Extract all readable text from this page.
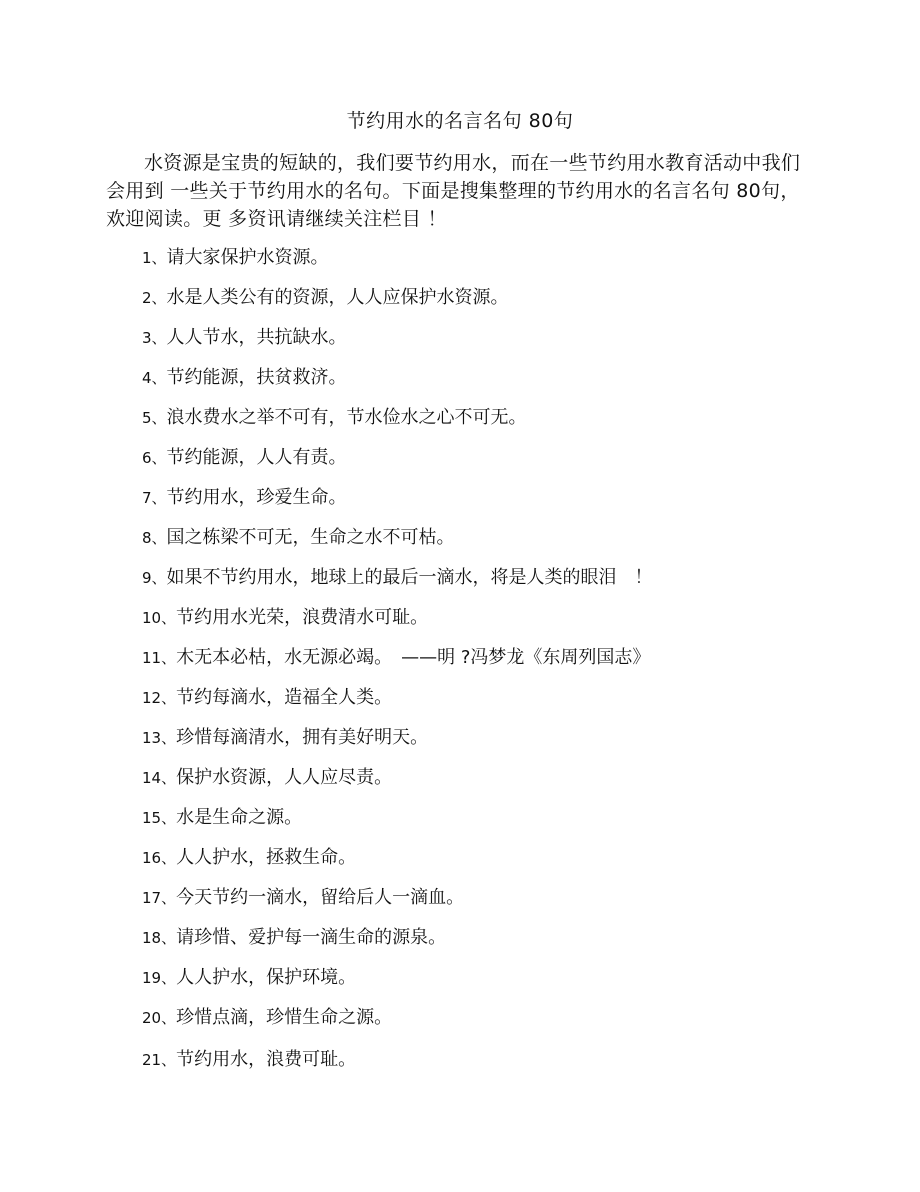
节约用水的名言名句 80句
水资源是宝贵的短缺的，我们要节约用水，而在一些节约用水教育活动中我们会用到 一些关于节约用水的名句。下面是搜集整理的节约用水的名言名句 80句，欢迎阅读。更 多资讯请继续关注栏目 ！
1、请大家保护水资源。
2、水是人类公有的资源，人人应保护水资源。
3、人人节水，共抗缺水。
4、节约能源，扶贫救济。
5、浪水费水之举不可有，节水俭水之心不可无。
6、节约能源，人人有责。
7、节约用水，珍爱生命。
8、国之栋梁不可无，生命之水不可枯。
9、如果不节约用水，地球上的最后一滴水，将是人类的眼泪　！
10、节约用水光荣，浪费清水可耻。
11、木无本必枯，水无源必竭。　——明 ?冯梦龙《东周列国志》
12、节约每滴水，造福全人类。
13、珍惜每滴清水，拥有美好明天。
14、保护水资源，人人应尽责。
15、水是生命之源。
16、人人护水，拯救生命。
17、今天节约一滴水，留给后人一滴血。
18、请珍惜、爱护每一滴生命的源泉。
19、人人护水，保护环境。
20、珍惜点滴，珍惜生命之源。
21、节约用水，浪费可耻。
